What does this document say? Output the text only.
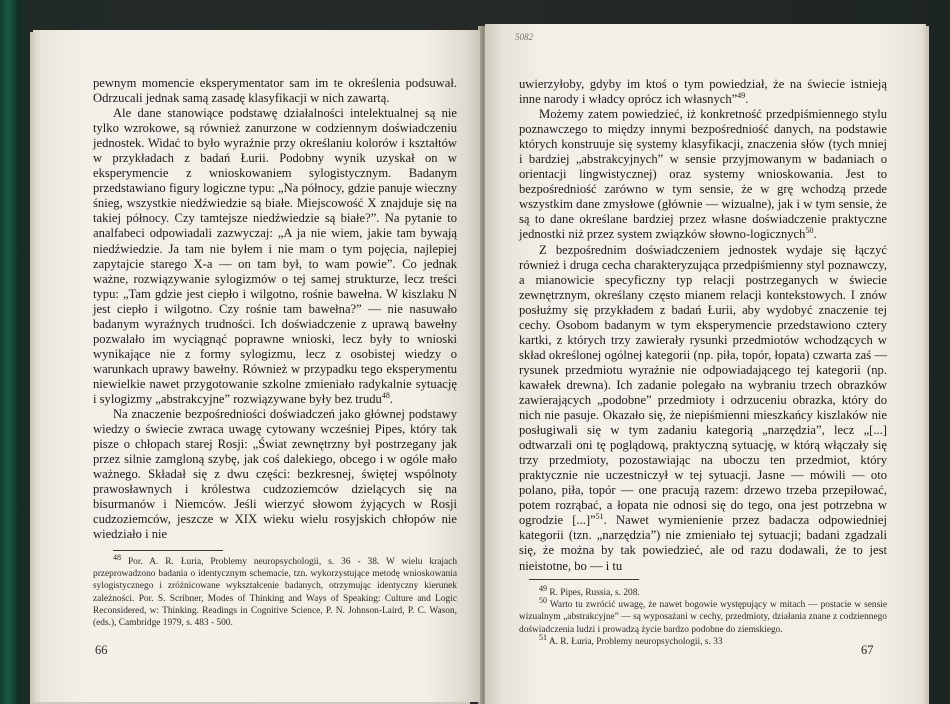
pewnym momencie eksperymentator sam im te określenia podsuwał. Odrzucali jednak samą zasadę klasyfikacji w nich zawartą.

Ale dane stanowiące podstawę działalności intelektualnej są nie tylko wzrokowe, są również zanurzone w codziennym doświadczeniu jednostek. Widać to było wyraźnie przy określaniu kolorów i kształtów w przykładach z badań Łurii. Podobny wynik uzyskał on w eksperymencie z wnioskowaniem sylogistycznym. Badanym przedstawiano figury logiczne typu: „Na północy, gdzie panuje wieczny śnieg, wszystkie niedźwiedzie są białe. Miejscowość X znajduje się na takiej północy. Czy tamtejsze niedźwiedzie są białe?”. Na pytanie to analfabeci odpowiadali zazwyczaj: „A ja nie wiem, jakie tam bywają niedźwiedzie. Ja tam nie byłem i nie mam o tym pojęcia, najlepiej zapytajcie starego X-a — on tam był, to wam powie”. Co jednak ważne, rozwiązywanie sylogizmów o tej samej strukturze, lecz treści typu: „Tam gdzie jest ciepło i wilgotno, rośnie bawełna. W kiszlaku N jest ciepło i wilgotno. Czy rośnie tam bawełna?” — nie nasuwało badanym wyraźnych trudności. Ich doświadczenie z uprawą bawełny pozwalało im wyciągnąć poprawne wnioski, lecz były to wnioski wynikające nie z formy sylogizmu, lecz z osobistej wiedzy o warunkach uprawy bawełny. Również w przypadku tego eksperymentu niewielkie nawet przygotowanie szkolne zmieniało radykalnie sytuację i sylogizmy „abstrakcyjne” rozwiązywane były bez trudu$^{48}$.

Na znaczenie bezpośredniości doświadczeń jako głównej podstawy wiedzy o świecie zwraca uwagę cytowany wcześniej Pipes, który tak pisze o chłopach starej Rosji: „Świat zewnętrzny był postrzegany jak przez silnie zamgloną szybę, jak coś dalekiego, obcego i w ogóle mało ważnego. Składał się z dwu części: bezkresnej, świętej wspólnoty prawosławnych i królestwa cudzoziemców dzielących się na bisurmanów i Niemców. Jeśli wierzyć słowom żyjących w Rosji cudzoziemców, jeszcze w XIX wieku wielu rosyjskich chłopów nie wiedziało i nie

48 Por. A. R. Łuria, Problemy neuropsychologii, s. 36 - 38. W wielu krajach przeprowadzono badania o identycznym schemacie, tzn. wykorzystujące metodę wnioskowania sylogistycznego i zróżnicowane wykształcenie badanych, otrzymując identyczny kierunek zależności. Por. S. Scribner, Modes of Thinking and Ways of Speaking: Culture and Logic Reconsidered, w: Thinking. Readings in Cognitive Science, P. N. Johnson-Laird, P. C. Wason, (eds.), Cambridge 1979, s. 483 - 500.

66
5082

uwierzyłoby, gdyby im ktoś o tym powiedział, że na świecie istnieją inne narody i władcy oprócz ich własnych”$^{49}$.

Możemy zatem powiedzieć, iż konkretność przedpiśmiennego stylu poznawczego to między innymi bezpośredniość danych, na podstawie których konstruuje się systemy klasyfikacji, znaczenia słów (tych mniej i bardziej „abstrakcyjnych” w sensie przyjmowanym w badaniach o orientacji lingwistycznej) oraz systemy wnioskowania. Jest to bezpośredniość zarówno w tym sensie, że w grę wchodzą przede wszystkim dane zmysłowe (głównie — wizualne), jak i w tym sensie, że są to dane określane bardziej przez własne doświadczenie praktyczne jednostki niż przez system związków słowno-logicznych$^{50}$.

Z bezpośrednim doświadczeniem jednostek wydaje się łączyć również i druga cecha charakteryzująca przedpiśmienny styl poznawczy, a mianowicie specyficzny typ relacji postrzeganych w świecie zewnętrznym, określany często mianem relacji kontekstowych. I znów posłużmy się przykładem z badań Łurii, aby wydobyć znaczenie tej cechy. Osobom badanym w tym eksperymencie przedstawiono cztery kartki, z których trzy zawierały rysunki przedmiotów wchodzących w skład określonej ogólnej kategorii (np. piła, topór, łopata) czwarta zaś — rysunek przedmiotu wyraźnie nie odpowiadającego tej kategorii (np. kawałek drewna). Ich zadanie polegało na wybraniu trzech obrazków zawierających „podobne” przedmioty i odrzuceniu obrazka, który do nich nie pasuje. Okazało się, że niepiśmienni mieszkańcy kiszlaków nie posługiwali się w tym zadaniu kategorią „narzędzia”, lecz „[...] odtwarzali oni tę poglądową, praktyczną sytuację, w którą włączały się trzy przedmioty, pozostawiając na uboczu ten przedmiot, który praktycznie nie uczestniczył w tej sytuacji. Jasne — mówili — oto polano, piła, topór — one pracują razem: drzewo trzeba przepiłować, potem rozrąbać, a łopata nie odnosi się do tego, ona jest potrzebna w ogrodzie [...]”$^{51}$. Nawet wymienienie przez badacza odpowiedniej kategorii (tzn. „narzędzia”) nie zmieniało tej sytuacji; badani zgadzali się, że można by tak powiedzieć, ale od razu dodawali, że to jest nieistotne, bo — i tu

49 R. Pipes, Russia, s. 208.

50 Warto tu zwrócić uwagę, że nawet bogowie występujący w mitach — postacie w sensie wizualnym „abstrakcyjne” — są wyposażani w cechy, przedmioty, działania znane z codziennego doświadczenia ludzi i prowadzą życie bardzo podobne do ziemskiego.

51 A. R. Łuria, Problemy neuropsychologii, s. 33

67
